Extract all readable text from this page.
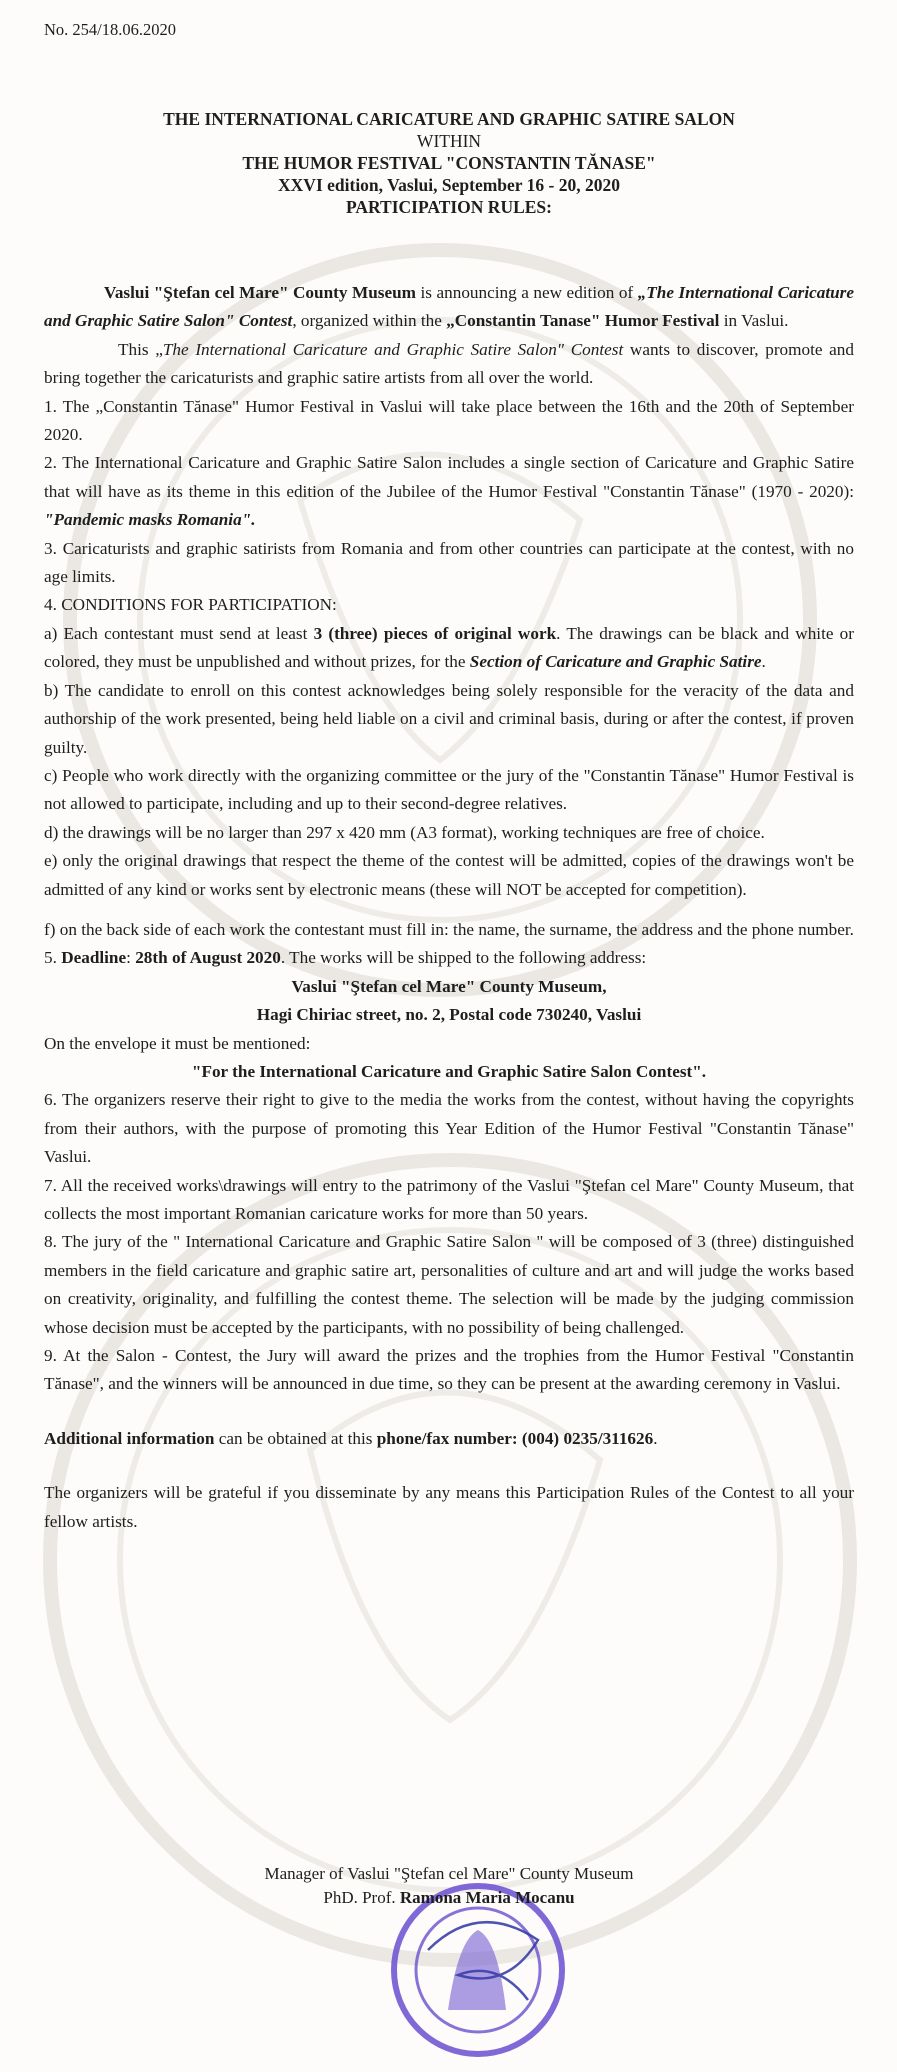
No. 254/18.06.2020
THE INTERNATIONAL CARICATURE AND GRAPHIC SATIRE SALON
WITHIN
THE HUMOR FESTIVAL "CONSTANTIN TĂNASE"
XXVI edition, Vaslui, September 16 - 20, 2020
PARTICIPATION RULES:

Vaslui "Ştefan cel Mare" County Museum is announcing a new edition of „The International Caricature and Graphic Satire Salon" Contest, organized within the „Constantin Tanase" Humor Festival in Vaslui.

This „The International Caricature and Graphic Satire Salon" Contest wants to discover, promote and bring together the caricaturists and graphic satire artists from all over the world.

1. The „Constantin Tănase" Humor Festival in Vaslui will take place between the 16th and the 20th of September 2020.

2. The International Caricature and Graphic Satire Salon includes a single section of Caricature and Graphic Satire that will have as its theme in this edition of the Jubilee of the Humor Festival "Constantin Tănase" (1970 - 2020): "Pandemic masks Romania".

3. Caricaturists and graphic satirists from Romania and from other countries can participate at the contest, with no age limits.

4. CONDITIONS FOR PARTICIPATION:

a) Each contestant must send at least 3 (three) pieces of original work. The drawings can be black and white or colored, they must be unpublished and without prizes, for the Section of Caricature and Graphic Satire.

b) The candidate to enroll on this contest acknowledges being solely responsible for the veracity of the data and authorship of the work presented, being held liable on a civil and criminal basis, during or after the contest, if proven guilty.

c) People who work directly with the organizing committee or the jury of the "Constantin Tănase" Humor Festival is not allowed to participate, including and up to their second-degree relatives.

d) the drawings will be no larger than 297 x 420 mm (A3 format), working techniques are free of choice.

e) only the original drawings that respect the theme of the contest will be admitted, copies of the drawings won't be admitted of any kind or works sent by electronic means (these will NOT be accepted for competition).

f) on the back side of each work the contestant must fill in: the name, the surname, the address and the phone number.

5. Deadline: 28th of August 2020. The works will be shipped to the following address:

Vaslui "Ştefan cel Mare" County Museum,

Hagi Chiriac street, no. 2, Postal code 730240, Vaslui

On the envelope it must be mentioned:

"For the International Caricature and Graphic Satire Salon Contest".

6. The organizers reserve their right to give to the media the works from the contest, without having the copyrights from their authors, with the purpose of promoting this Year Edition of the Humor Festival "Constantin Tănase" Vaslui.

7. All the received works\drawings will entry to the patrimony of the Vaslui "Ştefan cel Mare" County Museum, that collects the most important Romanian caricature works for more than 50 years.

8. The jury of the " International Caricature and Graphic Satire Salon " will be composed of 3 (three) distinguished members in the field caricature and graphic satire art, personalities of culture and art and will judge the works based on creativity, originality, and fulfilling the contest theme. The selection will be made by the judging commission whose decision must be accepted by the participants, with no possibility of being challenged.

9. At the Salon - Contest, the Jury will award the prizes and the trophies from the Humor Festival "Constantin Tănase", and the winners will be announced in due time, so they can be present at the awarding ceremony in Vaslui.

Additional information can be obtained at this phone/fax number: (004) 0235/311626.

The organizers will be grateful if you disseminate by any means this Participation Rules of the Contest to all your fellow artists.

Manager of Vaslui "Ştefan cel Mare" County Museum
PhD. Prof. Ramona Maria Mocanu
